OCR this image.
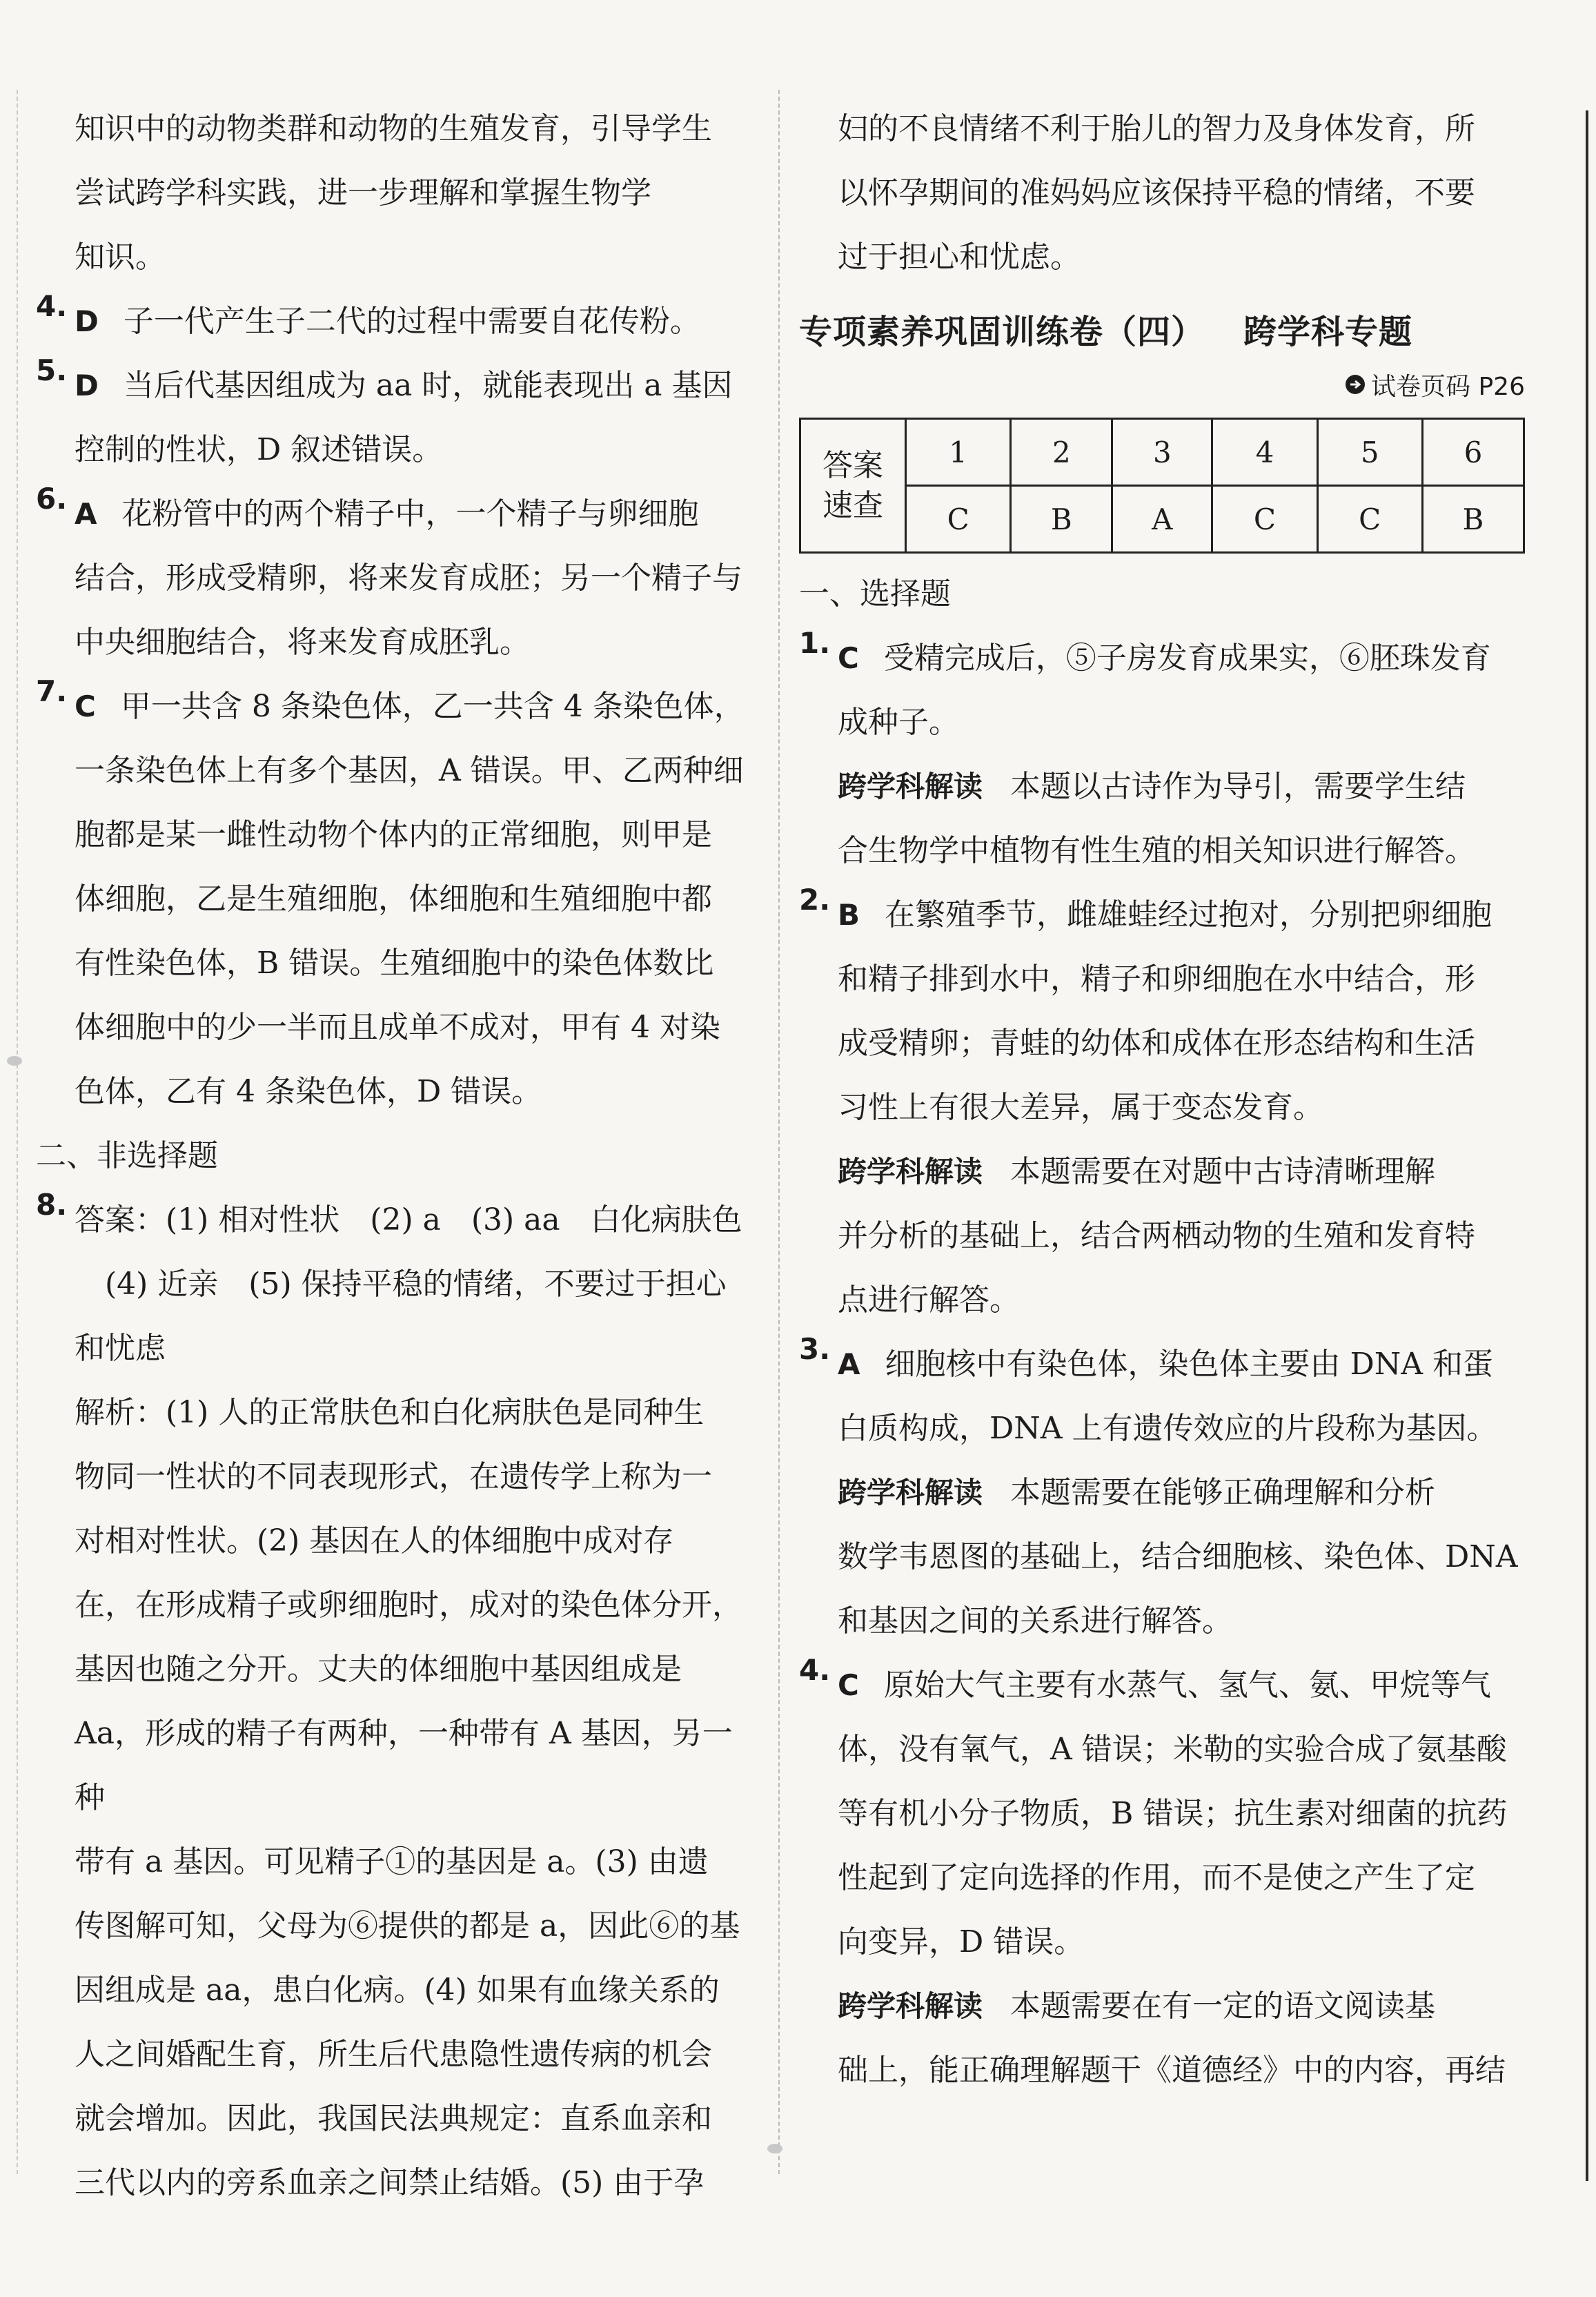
知识中的动物类群和动物的生殖发育，引导学生

尝试跨学科实践，进一步理解和掌握生物学

知识。

4. D 子一代产生子二代的过程中需要自花传粉。

5. D 当后代基因组成为 aa 时，就能表现出 a 基因

控制的性状，D 叙述错误。

6. A 花粉管中的两个精子中，一个精子与卵细胞

结合，形成受精卵，将来发育成胚；另一个精子与

中央细胞结合，将来发育成胚乳。

7. C 甲一共含 8 条染色体，乙一共含 4 条染色体，

一条染色体上有多个基因，A 错误。甲、乙两种细

胞都是某一雌性动物个体内的正常细胞，则甲是

体细胞，乙是生殖细胞，体细胞和生殖细胞中都

有性染色体，B 错误。生殖细胞中的染色体数比

体细胞中的少一半而且成单不成对，甲有 4 对染

色体，乙有 4 条染色体，D 错误。

二、非选择题

8. 答案：(1) 相对性状　(2) a　(3) aa　白化病肤色

(4) 近亲　(5) 保持平稳的情绪，不要过于担心

和忧虑

解析：(1) 人的正常肤色和白化病肤色是同种生

物同一性状的不同表现形式，在遗传学上称为一

对相对性状。(2) 基因在人的体细胞中成对存

在，在形成精子或卵细胞时，成对的染色体分开，

基因也随之分开。丈夫的体细胞中基因组成是

Aa，形成的精子有两种，一种带有 A 基因，另一种

带有 a 基因。可见精子①的基因是 a。(3) 由遗

传图解可知，父母为⑥提供的都是 a，因此⑥的基

因组成是 aa，患白化病。(4) 如果有血缘关系的

人之间婚配生育，所生后代患隐性遗传病的机会

就会增加。因此，我国民法典规定：直系血亲和

三代以内的旁系血亲之间禁止结婚。(5) 由于孕

妇的不良情绪不利于胎儿的智力及身体发育，所

以怀孕期间的准妈妈应该保持平稳的情绪，不要

过于担心和忧虑。

专项素养巩固训练卷（四） 跨学科专题
试卷页码 P26
答案
速查	1	2	3	4	5	6
	C	B	A	C	C	B

一、选择题

1. C 受精完成后，⑤子房发育成果实，⑥胚珠发育

成种子。

跨学科解读 本题以古诗作为导引，需要学生结

合生物学中植物有性生殖的相关知识进行解答。

2. B 在繁殖季节，雌雄蛙经过抱对，分别把卵细胞

和精子排到水中，精子和卵细胞在水中结合，形

成受精卵；青蛙的幼体和成体在形态结构和生活

习性上有很大差异，属于变态发育。

跨学科解读 本题需要在对题中古诗清晰理解

并分析的基础上，结合两栖动物的生殖和发育特

点进行解答。

3. A 细胞核中有染色体，染色体主要由 DNA 和蛋

白质构成，DNA 上有遗传效应的片段称为基因。

跨学科解读 本题需要在能够正确理解和分析

数学韦恩图的基础上，结合细胞核、染色体、DNA

和基因之间的关系进行解答。

4. C 原始大气主要有水蒸气、氢气、氨、甲烷等气

体，没有氧气，A 错误；米勒的实验合成了氨基酸

等有机小分子物质，B 错误；抗生素对细菌的抗药

性起到了定向选择的作用，而不是使之产生了定

向变异，D 错误。

跨学科解读 本题需要在有一定的语文阅读基

础上，能正确理解题干《道德经》中的内容，再结
